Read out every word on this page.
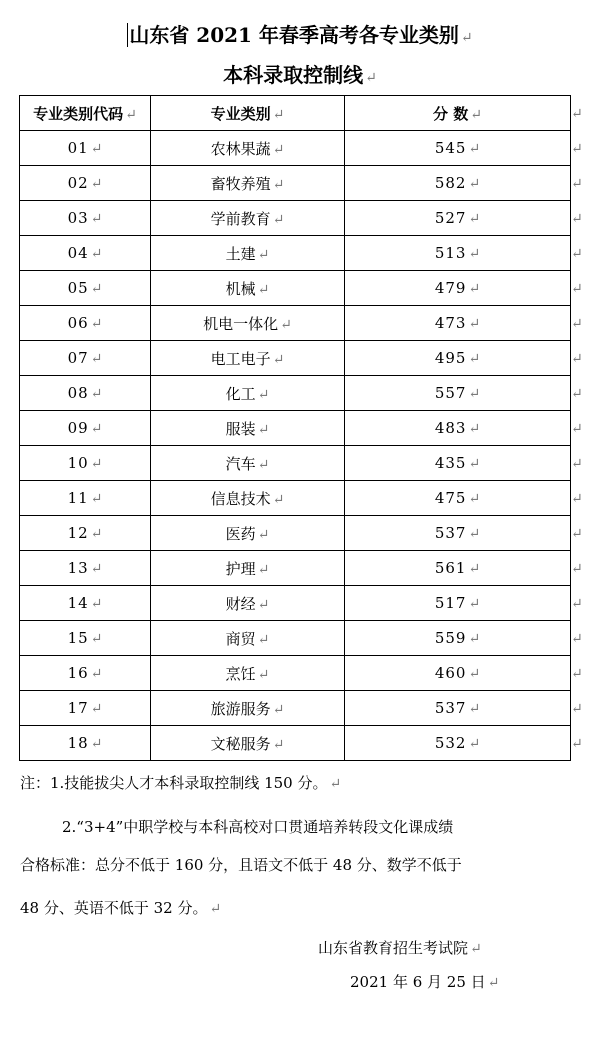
山东省 2021 年春季高考各专业类别 ↵
本科录取控制线 ↵
专业类别代码 ↵	专业类别 ↵	分 数 ↵	↵
01 ↵	农林果蔬 ↵	545 ↵	↵
02 ↵	畜牧养殖 ↵	582 ↵	↵
03 ↵	学前教育 ↵	527 ↵	↵
04 ↵	土建 ↵	513 ↵	↵
05 ↵	机械 ↵	479 ↵	↵
06 ↵	机电一体化 ↵	473 ↵	↵
07 ↵	电工电子 ↵	495 ↵	↵
08 ↵	化工 ↵	557 ↵	↵
09 ↵	服装 ↵	483 ↵	↵
10 ↵	汽车 ↵	435 ↵	↵
11 ↵	信息技术 ↵	475 ↵	↵
12 ↵	医药 ↵	537 ↵	↵
13 ↵	护理 ↵	561 ↵	↵
14 ↵	财经 ↵	517 ↵	↵
15 ↵	商贸 ↵	559 ↵	↵
16 ↵	烹饪 ↵	460 ↵	↵
17 ↵	旅游服务 ↵	537 ↵	↵
18 ↵	文秘服务 ↵	532 ↵	↵
注：1.技能拔尖人才本科录取控制线 150 分。 ↵
2.“3+4”中职学校与本科高校对口贯通培养转段文化课成绩
合格标准：总分不低于 160 分，且语文不低于 48 分、数学不低于
48 分、英语不低于 32 分。 ↵
山东省教育招生考试院 ↵
2021 年 6 月 25 日 ↵
